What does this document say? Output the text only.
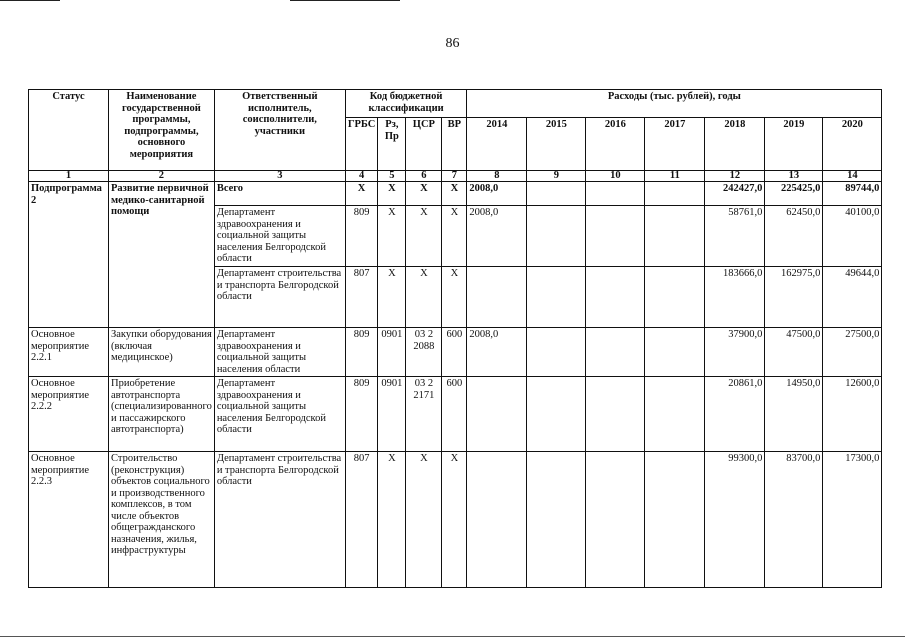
86
Статус	Наименование государственной программы, подпрограммы, основного мероприятия	Ответственный исполнитель, соисполнители, участники	Код бюджетной классификации				Расходы (тыс. рублей), годы						
			ГРБС	Рз, Пр	ЦСР	ВР	2014	2015	2016	2017	2018	2019	2020
1	2	3	4	5	6	7	8	9	10	11	12	13	14
Подпрограмма 2	Развитие первичной медико-санитарной помощи	Всего	X	X	X	X	2008,0				242427,0	225425,0	89744,0
		Департамент здравоохранения и социальной защиты населения Белгородской области	809	X	X	X	2008,0				58761,0	62450,0	40100,0
		Департамент строительства и транспорта Белгородской области	807	X	X	X					183666,0	162975,0	49644,0
Основное мероприятие 2.2.1	Закупки оборудования (включая медицинское)	Департамент здравоохранения и социальной защиты населения области	809	0901	03 2 2088	600	2008,0				37900,0	47500,0	27500,0
Основное мероприятие 2.2.2	Приобретение автотранспорта (специализированного и пассажирского автотранспорта)	Департамент здравоохранения и социальной защиты населения Белгородской области	809	0901	03 2 2171	600					20861,0	14950,0	12600,0
Основное мероприятие 2.2.3	Строительство (реконструкция) объектов социального и производственного комплексов, в том числе объектов общегражданского назначения, жилья, инфраструктуры	Департамент строительства и транспорта Белгородской области	807	X	X	X					99300,0	83700,0	17300,0
